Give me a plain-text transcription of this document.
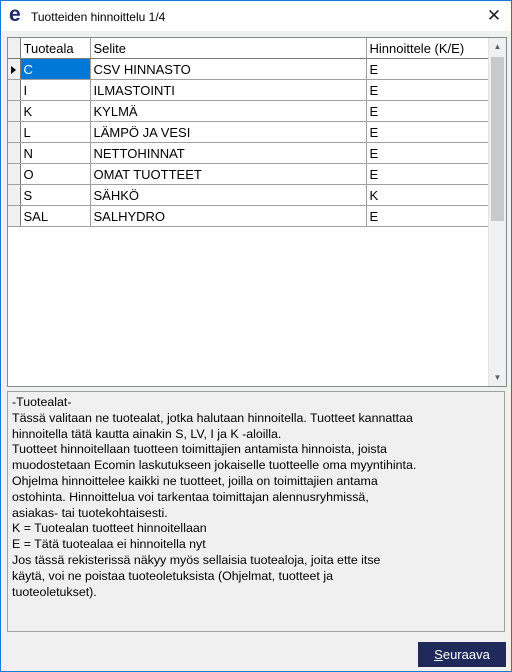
e Tuotteiden hinnoittelu 1/4	✕
	Tuoteala	Selite	Hinnoittele (K/E)
	C	CSV HINNASTO	E
	I	ILMASTOINTI	E
	K	KYLMÄ	E
	L	LÄMPÖ JA VESI	E
	N	NETTOHINNAT	E
	O	OMAT TUOTTEET	E
	S	SÄHKÖ	K
	SAL	SALHYDRO	E
▲
▼
-Tuotealat-
Tässä valitaan ne tuotealat, jotka halutaan hinnoitella. Tuotteet kannattaa
hinnoitella tätä kautta ainakin S, LV, I ja K -aloilla.
Tuotteet hinnoitellaan tuotteen toimittajien antamista hinnoista, joista
muodostetaan Ecomin laskutukseen jokaiselle tuotteelle oma myyntihinta.
Ohjelma hinnoittelee kaikki ne tuotteet, joilla on toimittajien antama
ostohinta. Hinnoittelua voi tarkentaa toimittajan alennusryhmissä,
asiakas- tai tuotekohtaisesti.
K = Tuotealan tuotteet hinnoitellaan
E = Tätä tuotealaa ei hinnoitella nyt
Jos tässä rekisterissä näkyy myös sellaisia tuotealoja, joita ette itse
käytä, voi ne poistaa tuoteoletuksista (Ohjelmat, tuotteet ja
tuoteoletukset).
Seuraava
